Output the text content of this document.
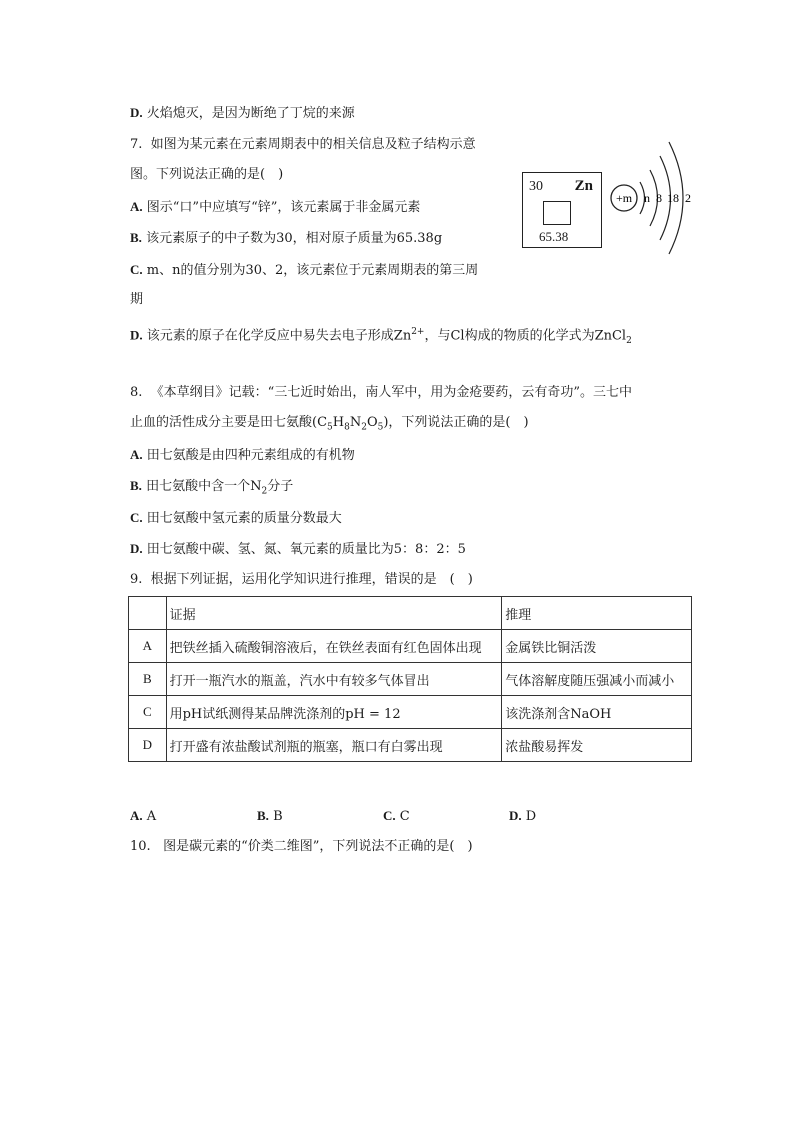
D. 火焰熄灭，是因为断绝了丁烷的来源
7. 如图为某元素在元素周期表中的相关信息及粒子结构示意
图。下列说法正确的是(　)
A. 图示“口”中应填写“锌”，该元素属于非金属元素
B. 该元素原子的中子数为30，相对原子质量为65.38g
C. m、n的值分别为30、2，该元素位于元素周期表的第三周
期
D. 该元素的原子在化学反应中易失去电子形成$Zn^{2+}$，与Cl构成的物质的化学式为ZnCl$_2$
30 Zn
65.38
+m n 8 18 2
8. 《本草纲目》记载：“三七近时始出，南人军中，用为金疮要药，云有奇功”。三七中
止血的活性成分主要是田七氨酸$(C_5H_8N_2O_5)$，下列说法正确的是(　)
A. 田七氨酸是由四种元素组成的有机物
B. 田七氨酸中含一个$N_2$分子
C. 田七氨酸中氢元素的质量分数最大
D. 田七氨酸中碳、氢、氮、氧元素的质量比为5：8：2：5
9. 根据下列证据，运用化学知识进行推理，错误的是　(　)
	证据	推理
A	把铁丝插入硫酸铜溶液后，在铁丝表面有红色固体出现	金属铁比铜活泼
B	打开一瓶汽水的瓶盖，汽水中有较多气体冒出	气体溶解度随压强减小而减小
C	用pH试纸测得某品牌洗涤剂的pH = 12	该洗涤剂含NaOH
D	打开盛有浓盐酸试剂瓶的瓶塞，瓶口有白雾出现	浓盐酸易挥发
A. A	B. B	C. C	D. D
10. 图是碳元素的“价类二维图”，下列说法不正确的是(　)
